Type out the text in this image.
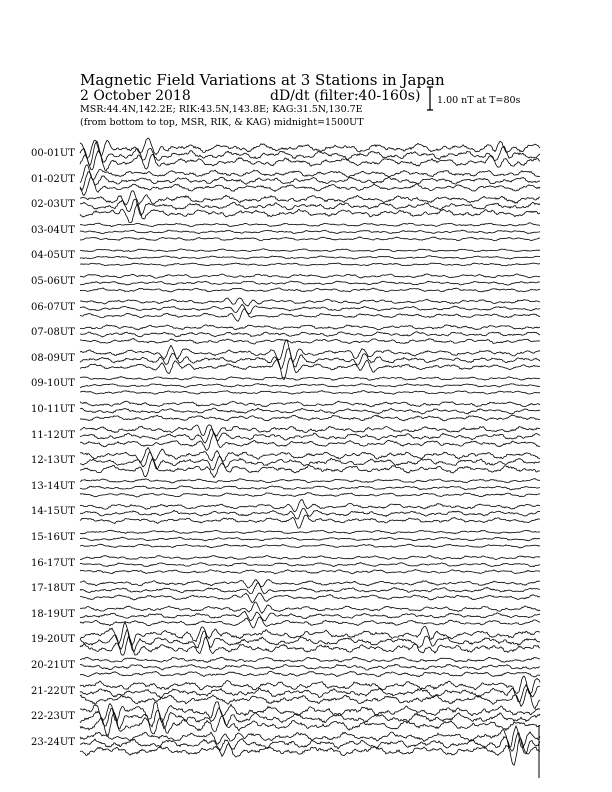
Magnetic Field Variations at 3 Stations in Japan
2 October 2018	dD/dt (filter:40-160s)
MSR:44.4N,142.2E; RIK:43.5N,143.8E; KAG:31.5N,130.7E
(from bottom to top, MSR, RIK, & KAG) midnight=1500UT
1.00 nT at T=80s
00-01UT
01-02UT
02-03UT
03-04UT
04-05UT
05-06UT
06-07UT
07-08UT
08-09UT
09-10UT
10-11UT
11-12UT
12-13UT
13-14UT
14-15UT
15-16UT
16-17UT
17-18UT
18-19UT
19-20UT
20-21UT
21-22UT
22-23UT
23-24UT
